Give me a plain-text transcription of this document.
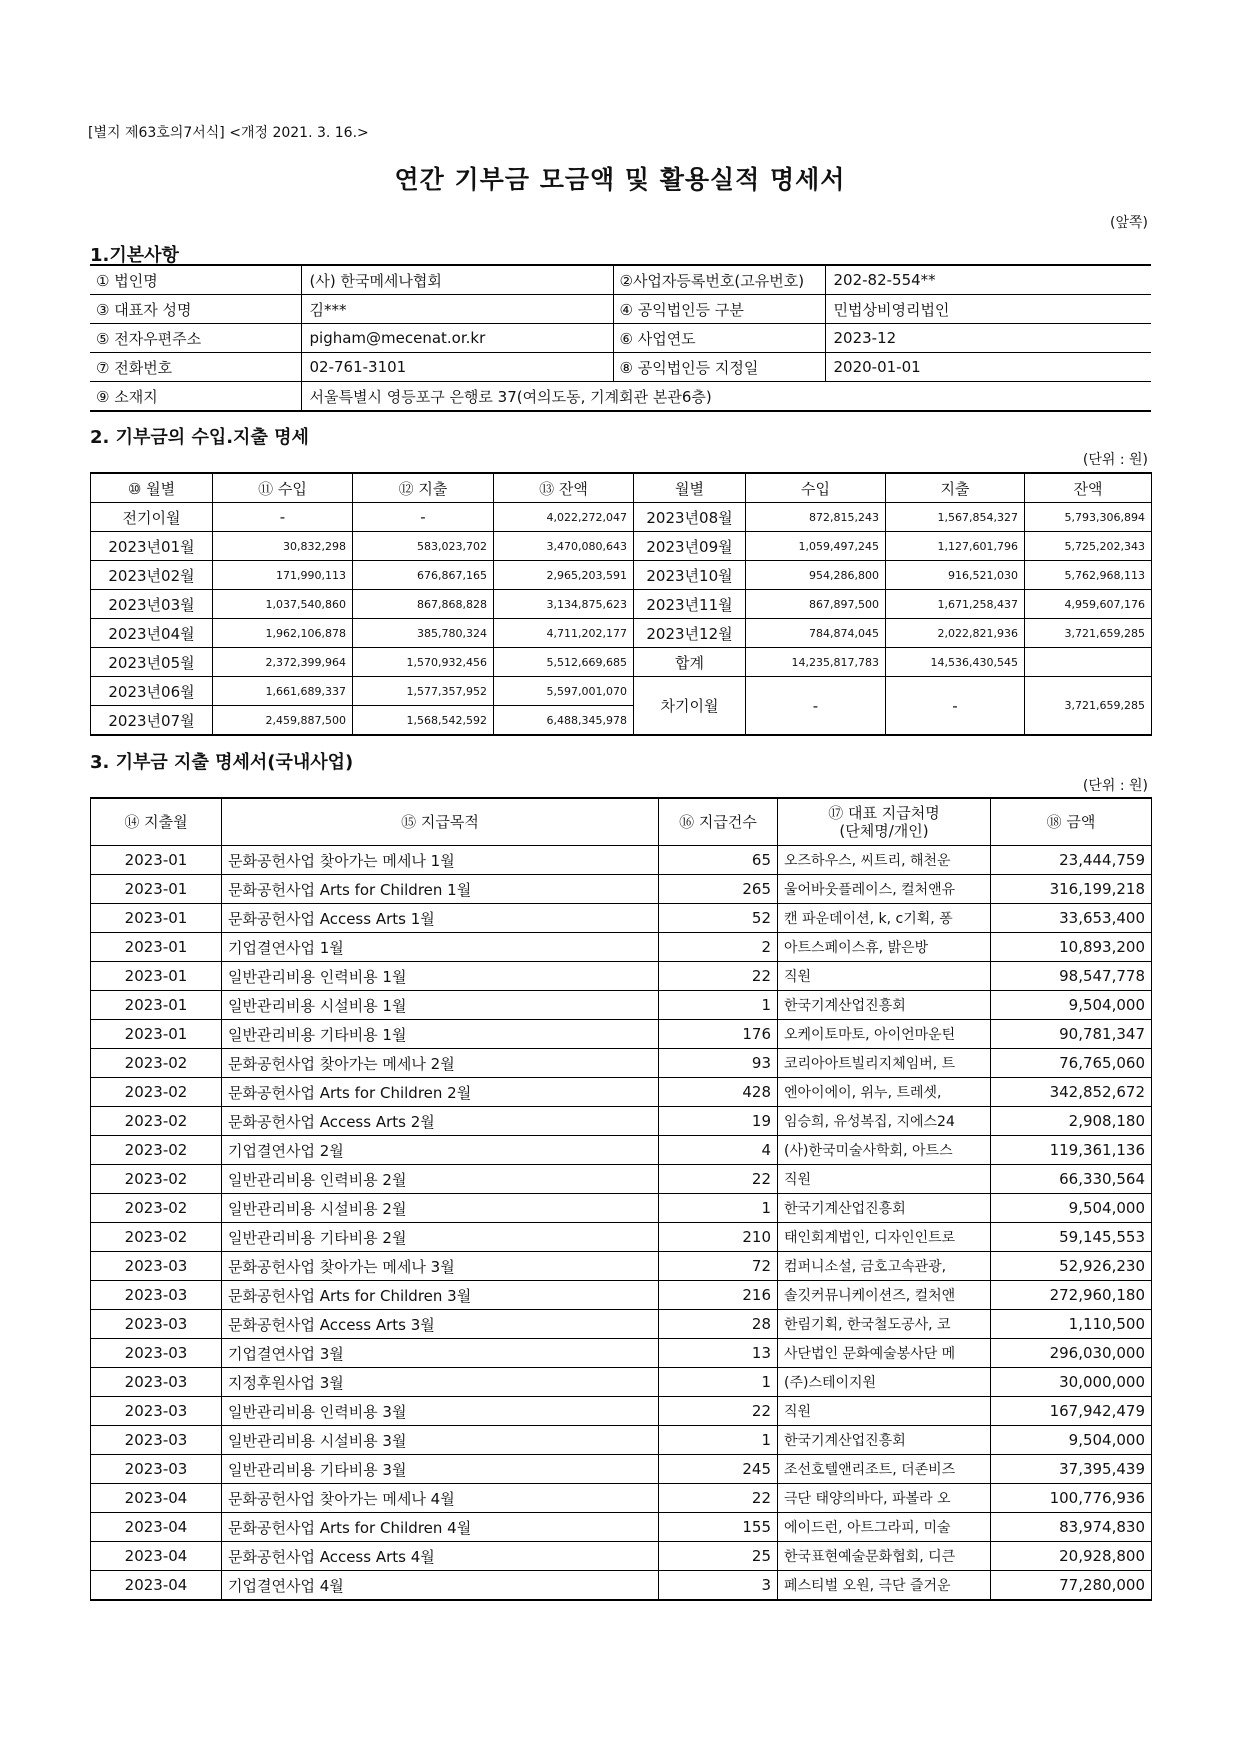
[별지 제63호의7서식] <개정 2021. 3. 16.>
연간 기부금 모금액 및 활용실적 명세서
(앞쪽)
1.기본사항
① 법인명	(사) 한국메세나협회	②사업자등록번호(고유번호)	202-82-554**
③ 대표자 성명	김***	④ 공익법인등 구분	민법상비영리법인
⑤ 전자우편주소	pigham@mecenat.or.kr	⑥ 사업연도	2023-12
⑦ 전화번호	02-761-3101	⑧ 공익법인등 지정일	2020-01-01
⑨ 소재지	서울특별시 영등포구 은행로 37(여의도동, 기계회관 본관6층)		
2. 기부금의 수입.지출 명세
(단위 : 원)
⑩ 월별	⑪ 수입	⑫ 지출	⑬ 잔액	월별	수입	지출	잔액
전기이월	-	-	4,022,272,047	2023년08월	872,815,243	1,567,854,327	5,793,306,894
2023년01월	30,832,298	583,023,702	3,470,080,643	2023년09월	1,059,497,245	1,127,601,796	5,725,202,343
2023년02월	171,990,113	676,867,165	2,965,203,591	2023년10월	954,286,800	916,521,030	5,762,968,113
2023년03월	1,037,540,860	867,868,828	3,134,875,623	2023년11월	867,897,500	1,671,258,437	4,959,607,176
2023년04월	1,962,106,878	385,780,324	4,711,202,177	2023년12월	784,874,045	2,022,821,936	3,721,659,285
2023년05월	2,372,399,964	1,570,932,456	5,512,669,685	합계	14,235,817,783	14,536,430,545	
2023년06월	1,661,689,337	1,577,357,952	5,597,001,070	차기이월	-	-	3,721,659,285
2023년07월	2,459,887,500	1,568,542,592	6,488,345,978				
3. 기부금 지출 명세서(국내사업)
(단위 : 원)
⑭ 지출월	⑮ 지급목적	⑯ 지급건수	⑰ 대표 지급처명
(단체명/개인)	⑱ 금액
2023-01	문화공헌사업 찾아가는 메세나 1월	65	오즈하우스, 씨트리, 해천운	23,444,759
2023-01	문화공헌사업 Arts for Children 1월	265	울어바웃플레이스, 컬처앤유	316,199,218
2023-01	문화공헌사업 Access Arts 1월	52	캔 파운데이션, k, c기획, 퐁	33,653,400
2023-01	기업결연사업 1월	2	아트스페이스휴, 밝은방	10,893,200
2023-01	일반관리비용 인력비용 1월	22	직원	98,547,778
2023-01	일반관리비용 시설비용 1월	1	한국기계산업진흥회	9,504,000
2023-01	일반관리비용 기타비용 1월	176	오케이토마토, 아이언마운틴	90,781,347
2023-02	문화공헌사업 찾아가는 메세나 2월	93	코리아아트빌리지체임버, 트	76,765,060
2023-02	문화공헌사업 Arts for Children 2월	428	엔아이에이, 위누, 트레셋,	342,852,672
2023-02	문화공헌사업 Access Arts 2월	19	임승희, 유성복집, 지에스24	2,908,180
2023-02	기업결연사업 2월	4	(사)한국미술사학회, 아트스	119,361,136
2023-02	일반관리비용 인력비용 2월	22	직원	66,330,564
2023-02	일반관리비용 시설비용 2월	1	한국기계산업진흥회	9,504,000
2023-02	일반관리비용 기타비용 2월	210	태인회계법인, 디자인인트로	59,145,553
2023-03	문화공헌사업 찾아가는 메세나 3월	72	컴퍼니소설, 금호고속관광,	52,926,230
2023-03	문화공헌사업 Arts for Children 3월	216	솔깃커뮤니케이션즈, 컬처앤	272,960,180
2023-03	문화공헌사업 Access Arts 3월	28	한림기획, 한국철도공사, 코	1,110,500
2023-03	기업결연사업 3월	13	사단법인 문화예술봉사단 메	296,030,000
2023-03	지정후원사업 3월	1	(주)스테이지원	30,000,000
2023-03	일반관리비용 인력비용 3월	22	직원	167,942,479
2023-03	일반관리비용 시설비용 3월	1	한국기계산업진흥회	9,504,000
2023-03	일반관리비용 기타비용 3월	245	조선호텔앤리조트, 더존비즈	37,395,439
2023-04	문화공헌사업 찾아가는 메세나 4월	22	극단 태양의바다, 파볼라 오	100,776,936
2023-04	문화공헌사업 Arts for Children 4월	155	에이드런, 아트그라피, 미술	83,974,830
2023-04	문화공헌사업 Access Arts 4월	25	한국표현예술문화협회, 디큰	20,928,800
2023-04	기업결연사업 4월	3	페스티벌 오원, 극단 즐거운	77,280,000
